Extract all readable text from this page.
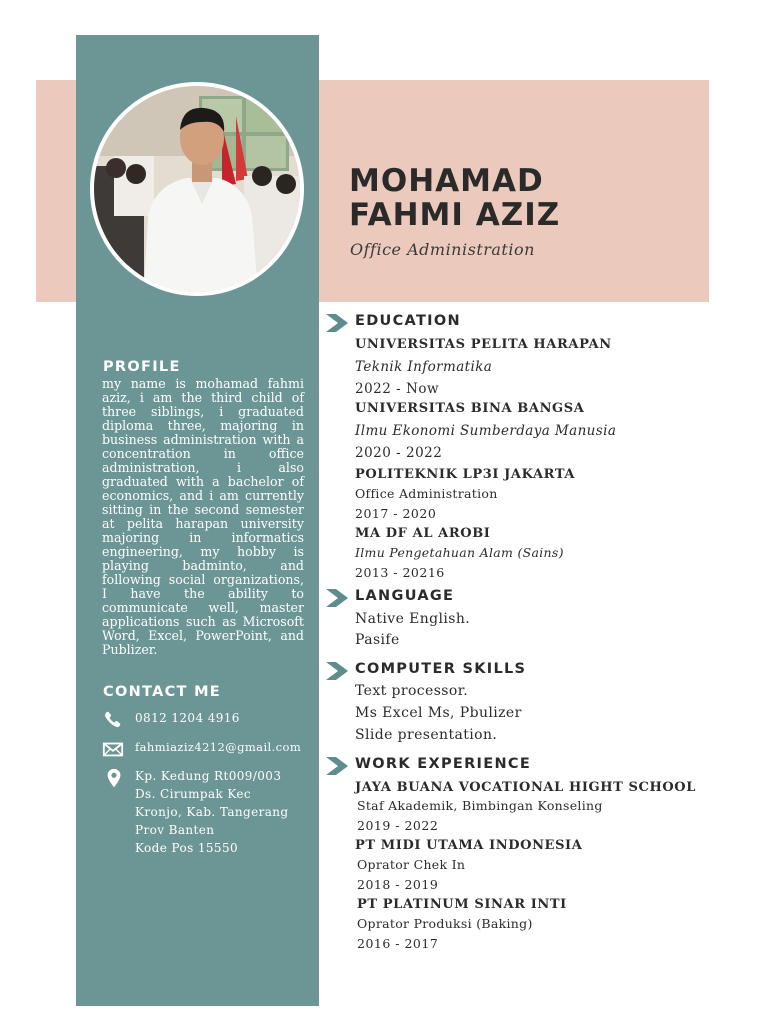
MOHAMAD
FAHMI AZIZ
Office Administration
PROFILE
my name is mohamad fahmi aziz, i am the third child of three siblings, i graduated diploma three, majoring in business administration with a concentration in office administration, i also graduated with a bachelor of economics, and i am currently sitting in the second semester at pelita harapan university majoring in informatics engineering, my hobby is playing badminto, and following social organizations, I have the ability to communicate well, master applications such as Microsoft Word, Excel, PowerPoint, and Publizer.
CONTACT ME
0812 1204 4916
fahmiaziz4212@gmail.com
Kp. Kedung Rt009/003
Ds. Cirumpak Kec
Kronjo, Kab. Tangerang
Prov Banten
Kode Pos 15550
EDUCATION
UNIVERSITAS PELITA HARAPAN
Teknik Informatika
2022 - Now
UNIVERSITAS BINA BANGSA
Ilmu Ekonomi Sumberdaya Manusia
2020 - 2022
POLITEKNIK LP3I JAKARTA
Office Administration
2017 - 2020
MA DF AL AROBI
Ilmu Pengetahuan Alam (Sains)
2013 - 20216
LANGUAGE
Native English.
Pasife
COMPUTER SKILLS
Text processor.
Ms Excel Ms, Pbulizer
Slide presentation.
WORK EXPERIENCE
JAYA BUANA VOCATIONAL HIGHT SCHOOL
Staf Akademik, Bimbingan Konseling
2019 - 2022
PT MIDI UTAMA INDONESIA
Oprator Chek In
2018 - 2019
PT PLATINUM SINAR INTI
Oprator Produksi (Baking)
2016 - 2017
